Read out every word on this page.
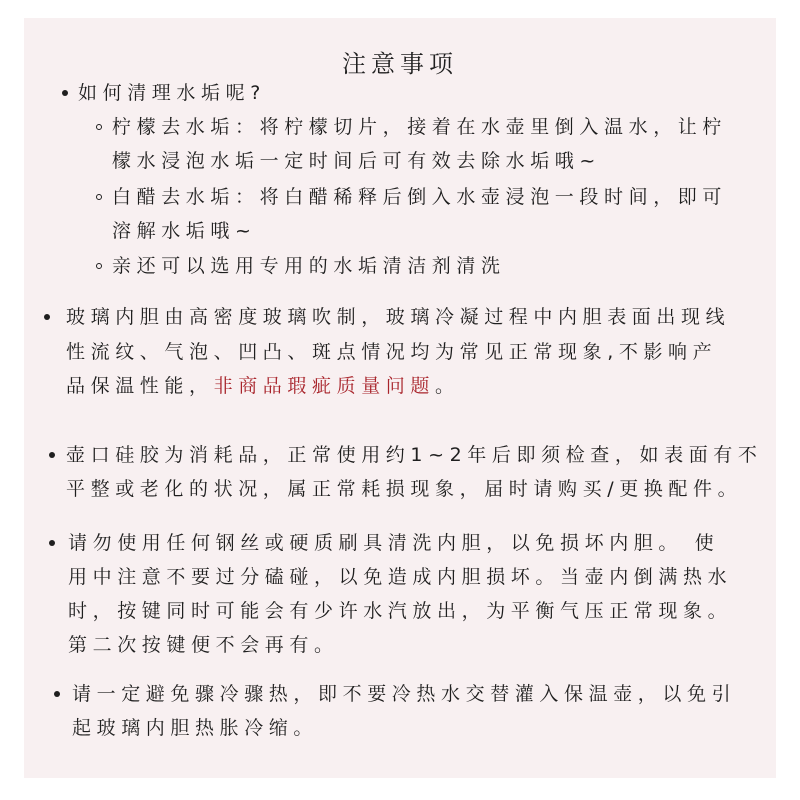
注意事项
如何清理水垢呢?
柠檬去水垢：将柠檬切片，接着在水壶里倒入温水，让柠
檬水浸泡水垢一定时间后可有效去除水垢哦~
白醋去水垢：将白醋稀释后倒入水壶浸泡一段时间，即可
溶解水垢哦~
亲还可以选用专用的水垢清洁剂清洗
玻璃内胆由高密度玻璃吹制，玻璃冷凝过程中内胆表面出现线
性流纹、气泡、凹凸、斑点情况均为常见正常现象,不影响产
品保温性能，非商品瑕疵质量问题。
壶口硅胶为消耗品，正常使用约1~2年后即须检查，如表面有不
平整或老化的状况，属正常耗损现象，届时请购买/更换配件。
请勿使用任何钢丝或硬质刷具清洗内胆，以免损坏内胆。 使
用中注意不要过分磕碰，以免造成内胆损坏。当壶内倒满热水
时，按键同时可能会有少许水汽放出，为平衡气压正常现象。
第二次按键便不会再有。
请一定避免骤冷骤热，即不要冷热水交替灌入保温壶，以免引
起玻璃内胆热胀冷缩。
